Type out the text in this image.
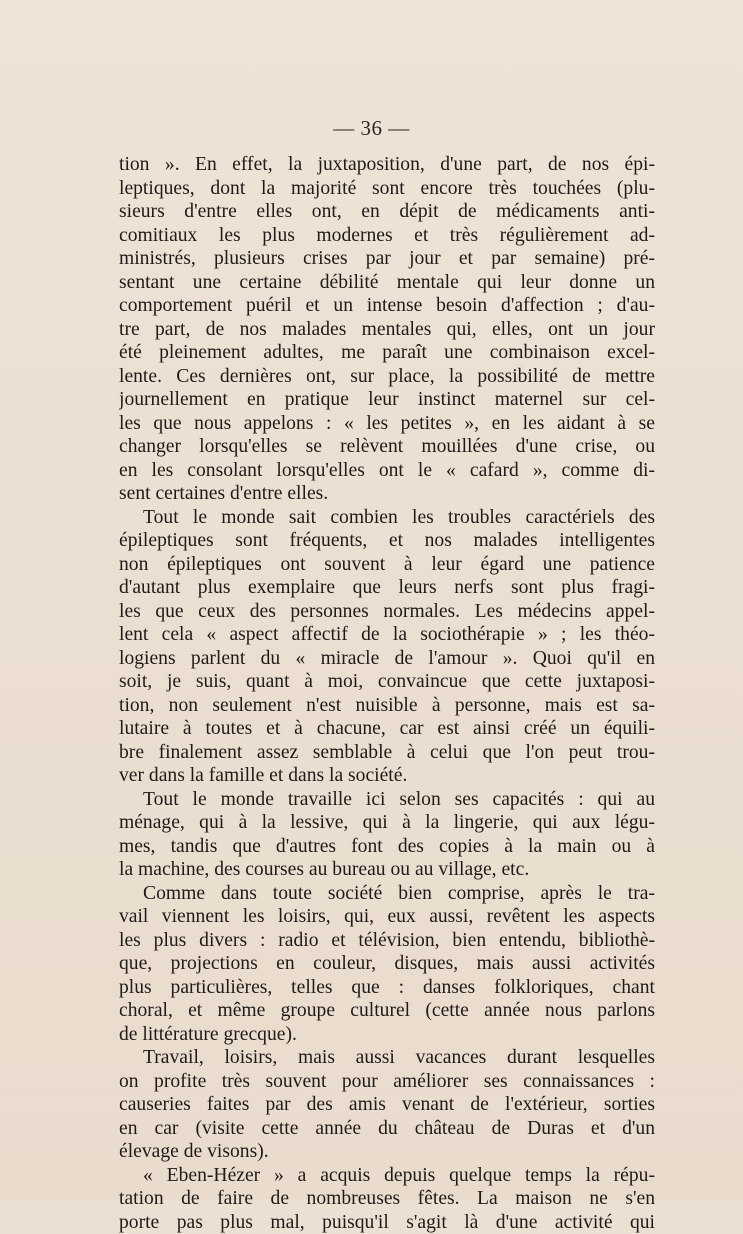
— 36 —
tion ». En effet, la juxtaposition, d'une part, de nos épi-
leptiques, dont la majorité sont encore très touchées (plu-
sieurs d'entre elles ont, en dépit de médicaments anti-
comitiaux les plus modernes et très régulièrement ad-
ministrés, plusieurs crises par jour et par semaine) pré-
sentant une certaine débilité mentale qui leur donne un
comportement puéril et un intense besoin d'affection ; d'au-
tre part, de nos malades mentales qui, elles, ont un jour
été pleinement adultes, me paraît une combinaison excel-
lente. Ces dernières ont, sur place, la possibilité de mettre
journellement en pratique leur instinct maternel sur cel-
les que nous appelons : « les petites », en les aidant à se
changer lorsqu'elles se relèvent mouillées d'une crise, ou
en les consolant lorsqu'elles ont le « cafard », comme di-
sent certaines d'entre elles.
Tout le monde sait combien les troubles caractériels des
épileptiques sont fréquents, et nos malades intelligentes
non épileptiques ont souvent à leur égard une patience
d'autant plus exemplaire que leurs nerfs sont plus fragi-
les que ceux des personnes normales. Les médecins appel-
lent cela « aspect affectif de la sociothérapie » ; les théo-
logiens parlent du « miracle de l'amour ». Quoi qu'il en
soit, je suis, quant à moi, convaincue que cette juxtaposi-
tion, non seulement n'est nuisible à personne, mais est sa-
lutaire à toutes et à chacune, car est ainsi créé un équili-
bre finalement assez semblable à celui que l'on peut trou-
ver dans la famille et dans la société.
Tout le monde travaille ici selon ses capacités : qui au
ménage, qui à la lessive, qui à la lingerie, qui aux légu-
mes, tandis que d'autres font des copies à la main ou à
la machine, des courses au bureau ou au village, etc.
Comme dans toute société bien comprise, après le tra-
vail viennent les loisirs, qui, eux aussi, revêtent les aspects
les plus divers : radio et télévision, bien entendu, bibliothè-
que, projections en couleur, disques, mais aussi activités
plus particulières, telles que : danses folkloriques, chant
choral, et même groupe culturel (cette année nous parlons
de littérature grecque).
Travail, loisirs, mais aussi vacances durant lesquelles
on profite très souvent pour améliorer ses connaissances :
causeries faites par des amis venant de l'extérieur, sorties
en car (visite cette année du château de Duras et d'un
élevage de visons).
« Eben-Hézer » a acquis depuis quelque temps la répu-
tation de faire de nombreuses fêtes. La maison ne s'en
porte pas plus mal, puisqu'il s'agit là d'une activité qui
